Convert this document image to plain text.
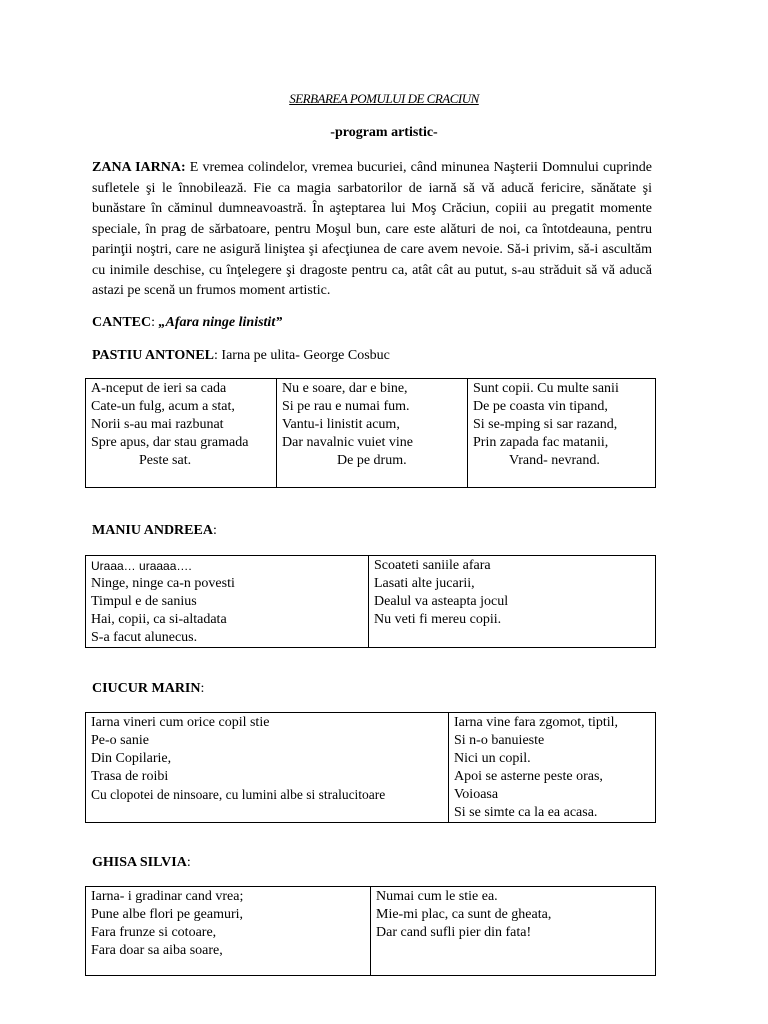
SERBAREA POMULUI DE CRACIUN
-program artistic-

ZANA IARNA: E vremea colindelor, vremea bucuriei, când minunea Naşterii Domnului cuprinde sufletele şi le înnobilează. Fie ca magia sarbatorilor de iarnă să vă aducă fericire, sănătate şi bunăstare în căminul dumneavoastră. În aşteptarea lui Moş Crăciun, copiii au pregatit momente speciale, în prag de sărbatoare, pentru Moşul bun, care este alături de noi, ca întotdeauna, pentru parinţii noştri, care ne asigură liniştea şi afecţiunea de care avem nevoie. Să-i privim, să-i ascultăm cu inimile deschise, cu înţelegere şi dragoste pentru ca, atât cât au putut, s-au străduit să vă aducă astazi pe scenă un frumos moment artistic.

CANTEC: „Afara ninge linistit”
PASTIU ANTONEL: Iarna pe ulita- George Cosbuc
A-nceput de ieri sa cada
Cate-un fulg, acum a stat,
Norii s-au mai razbunat
Spre apus, dar stau gramada
Peste sat.

Nu e soare, dar e bine,
Si pe rau e numai fum.
Vantu-i linistit acum,
Dar navalnic vuiet vine
De pe drum.

Sunt copii. Cu multe sanii
De pe coasta vin tipand,
Si se-mping si sar razand,
Prin zapada fac matanii,
Vrand- nevrand.
MANIU ANDREEA:
Uraaa… uraaaa….
Ninge, ninge ca-n povesti
Timpul e de sanius
Hai, copii, ca si-altadata
S-a facut alunecus.

Scoateti saniile afara
Lasati alte jucarii,
Dealul va asteapta jocul
Nu veti fi mereu copii.
CIUCUR MARIN:
Iarna vineri cum orice copil stie
Pe-o sanie
Din Copilarie,
Trasa de roibi
Cu clopotei de ninsoare, cu lumini albe si stralucitoare

Iarna vine fara zgomot, tiptil,
Si n-o banuieste
Nici un copil.
Apoi se asterne peste oras,
Voioasa
Si se simte ca la ea acasa.
GHISA SILVIA:
Iarna- i gradinar cand vrea;
Pune albe flori pe geamuri,
Fara frunze si cotoare,
Fara doar sa aiba soare,

Numai cum le stie ea.
Mie-mi plac, ca sunt de gheata,
Dar cand sufli pier din fata!
